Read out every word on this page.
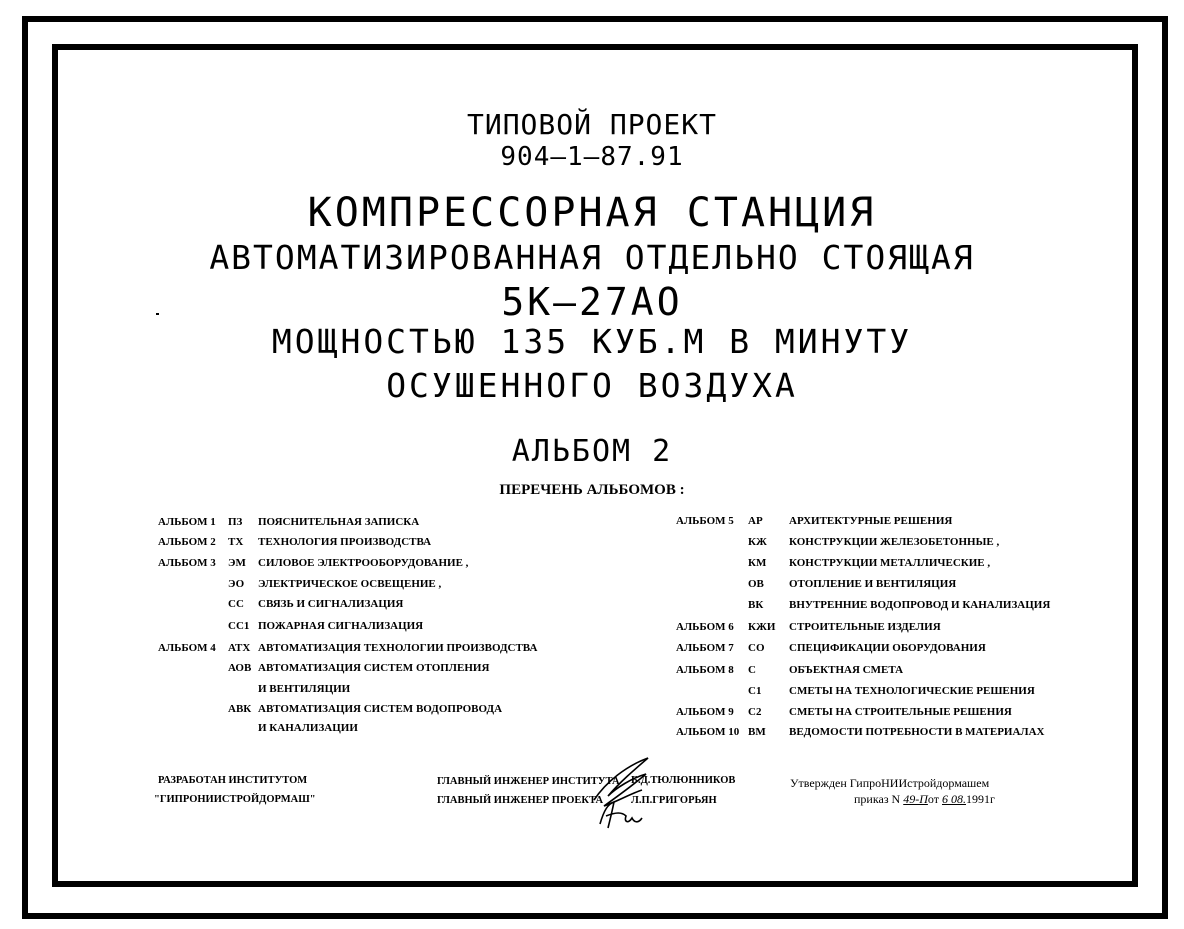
ТИПОВОЙ ПРОЕКТ
904–1–87.91
КОМПРЕССОРНАЯ СТАНЦИЯ
АВТОМАТИЗИРОВАННАЯ ОТДЕЛЬНО СТОЯЩАЯ
5К–27АО
МОЩНОСТЬЮ 135 КУБ.М В МИНУТУ
ОСУШЕННОГО ВОЗДУХА
АЛЬБОМ 2
ПЕРЕЧЕНЬ АЛЬБОМОВ :
АЛЬБОМ 1 ПЗ ПОЯСНИТЕЛЬНАЯ ЗАПИСКА
АЛЬБОМ 2 ТХ ТЕХНОЛОГИЯ ПРОИЗВОДСТВА
АЛЬБОМ 3 ЭМ СИЛОВОЕ ЭЛЕКТРООБОРУДОВАНИЕ ,
ЭО ЭЛЕКТРИЧЕСКОЕ ОСВЕЩЕНИЕ ,
СС СВЯЗЬ И СИГНАЛИЗАЦИЯ
СС1 ПОЖАРНАЯ СИГНАЛИЗАЦИЯ
АЛЬБОМ 4 АТХ АВТОМАТИЗАЦИЯ ТЕХНОЛОГИИ ПРОИЗВОДСТВА
АОВ АВТОМАТИЗАЦИЯ СИСТЕМ ОТОПЛЕНИЯ
И ВЕНТИЛЯЦИИ
АВК АВТОМАТИЗАЦИЯ СИСТЕМ ВОДОПРОВОДА
И КАНАЛИЗАЦИИ
АЛЬБОМ 5 АР АРХИТЕКТУРНЫЕ РЕШЕНИЯ
КЖ КОНСТРУКЦИИ ЖЕЛЕЗОБЕТОННЫЕ ,
КМ КОНСТРУКЦИИ МЕТАЛЛИЧЕСКИЕ ,
ОВ ОТОПЛЕНИЕ И ВЕНТИЛЯЦИЯ
ВК ВНУТРЕННИЕ ВОДОПРОВОД И КАНАЛИЗАЦИЯ
АЛЬБОМ 6 КЖИ СТРОИТЕЛЬНЫЕ ИЗДЕЛИЯ
АЛЬБОМ 7 СО СПЕЦИФИКАЦИИ ОБОРУДОВАНИЯ
АЛЬБОМ 8 С	ОБЪЕКТНАЯ СМЕТА
С1	СМЕТЫ НА ТЕХНОЛОГИЧЕСКИЕ РЕШЕНИЯ
АЛЬБОМ 9 С2	СМЕТЫ НА СТРОИТЕЛЬНЫЕ РЕШЕНИЯ
АЛЬБОМ 10 ВМ ВЕДОМОСТИ ПОТРЕБНОСТИ В МАТЕРИАЛАХ
РАЗРАБОТАН ИНСТИТУТОМ
"ГИПРОНИИСТРОЙДОРМАШ"
ГЛАВНЫЙ ИНЖЕНЕР ИНСТИТУТА
ГЛАВНЫЙ ИНЖЕНЕР ПРОЕКТА
Б.Д.ТЮЛЮННИКОВ
Л.П.ГРИГОРЬЯН
Утвержден ГипроНИИстройдормашем
приказ N 49-Пот 6 08.1991г
